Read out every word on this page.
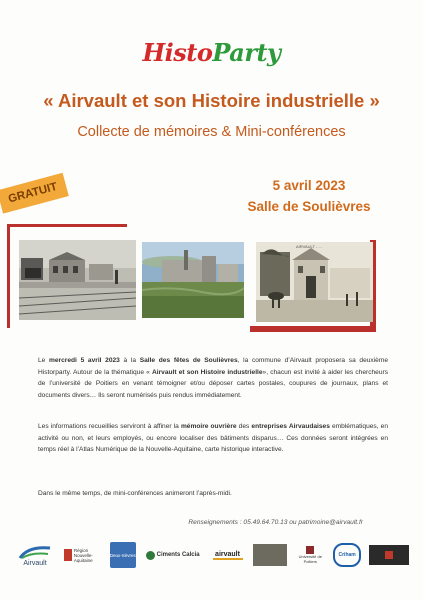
HistoParty
« Airvault et son Histoire industrielle »
Collecte de mémoires & Mini-conférences
GRATUIT	5 avril 2023
Salle de Soulièvres
AIRVAULT - ...
Le mercredi 5 avril 2023 à la Salle des fêtes de Soulièvres, la commune d’Airvault proposera sa deuxième Historparty. Autour de la thématique « Airvault et son Histoire industrielle», chacun est invité à aider les chercheurs de l’université de Poitiers en venant témoigner et/ou déposer cartes postales, coupures de journaux, plans et documents divers… Ils seront numérisés puis rendus immédiatement.
Les informations recueillies serviront à affiner la mémoire ouvrière des entreprises Airvaudaises emblématiques, en activité ou non, et leurs employés, ou encore localiser des bâtiments disparus… Ces données seront intégrées en temps réel à l’Atlas Numérique de la Nouvelle-Aquitaine, carte historique interactive.
Dans le même temps, de mini-conférences animeront l’après-midi.
Renseignements : 05.49.64.70.13 ou patrimoine@airvault.fr
Airvault
Région Nouvelle-Aquitaine
Deux-Sèvres	Ciments Calcia airvault	Université de Poitiers
Criham
